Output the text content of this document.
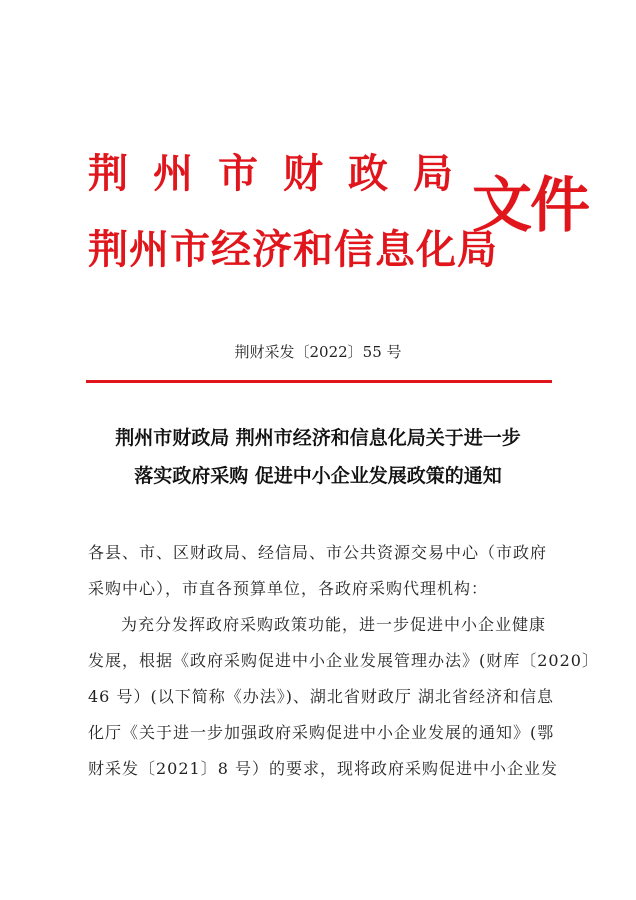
荆州市财政局
荆州市经济和信息化局
文件
荆财采发〔2022〕55 号
荆州市财政局 荆州市经济和信息化局关于进一步
落实政府采购 促进中小企业发展政策的通知
各县、市、区财政局、经信局、市公共资源交易中心（市政府
采购中心），市直各预算单位，各政府采购代理机构：
为充分发挥政府采购政策功能，进一步促进中小企业健康
发展，根据《政府采购促进中小企业发展管理办法》(财库〔2020〕
46 号）(以下简称《办法》)、湖北省财政厅 湖北省经济和信息
化厅《关于进一步加强政府采购促进中小企业发展的通知》(鄂
财采发〔2021〕8 号）的要求，现将政府采购促进中小企业发
